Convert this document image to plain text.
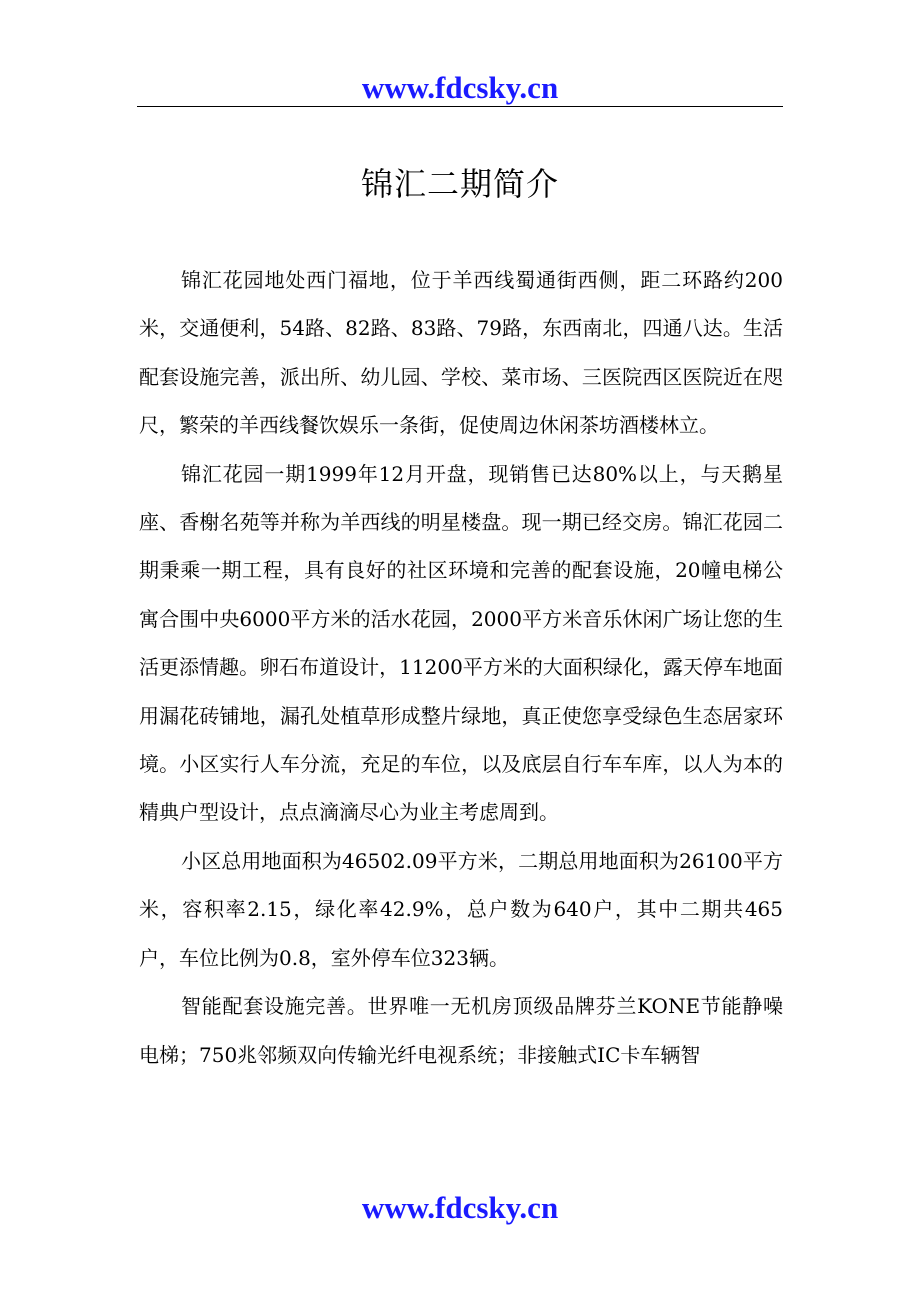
www.fdcsky.cn
锦汇二期简介

锦汇花园地处西门福地，位于羊西线蜀通街西侧，距二环路约200米，交通便利，54路、82路、83路、79路，东西南北，四通八达。生活配套设施完善，派出所、幼儿园、学校、菜市场、三医院西区医院近在咫尺，繁荣的羊西线餐饮娱乐一条街，促使周边休闲茶坊酒楼林立。

锦汇花园一期1999年12月开盘，现销售已达80%以上，与天鹅星座、香榭名苑等并称为羊西线的明星楼盘。现一期已经交房。锦汇花园二期秉乘一期工程，具有良好的社区环境和完善的配套设施，20幢电梯公寓合围中央6000平方米的活水花园，2000平方米音乐休闲广场让您的生活更添情趣。卵石布道设计，11200平方米的大面积绿化，露天停车地面用漏花砖铺地，漏孔处植草形成整片绿地，真正使您享受绿色生态居家环境。小区实行人车分流，充足的车位，以及底层自行车车库，以人为本的精典户型设计，点点滴滴尽心为业主考虑周到。

小区总用地面积为46502.09平方米，二期总用地面积为26100平方米，容积率2.15，绿化率42.9%，总户数为640户，其中二期共465户，车位比例为0.8，室外停车位323辆。

智能配套设施完善。世界唯一无机房顶级品牌芬兰KONE节能静噪电梯；750兆邻频双向传输光纤电视系统；非接触式IC卡车辆智

www.fdcsky.cn
